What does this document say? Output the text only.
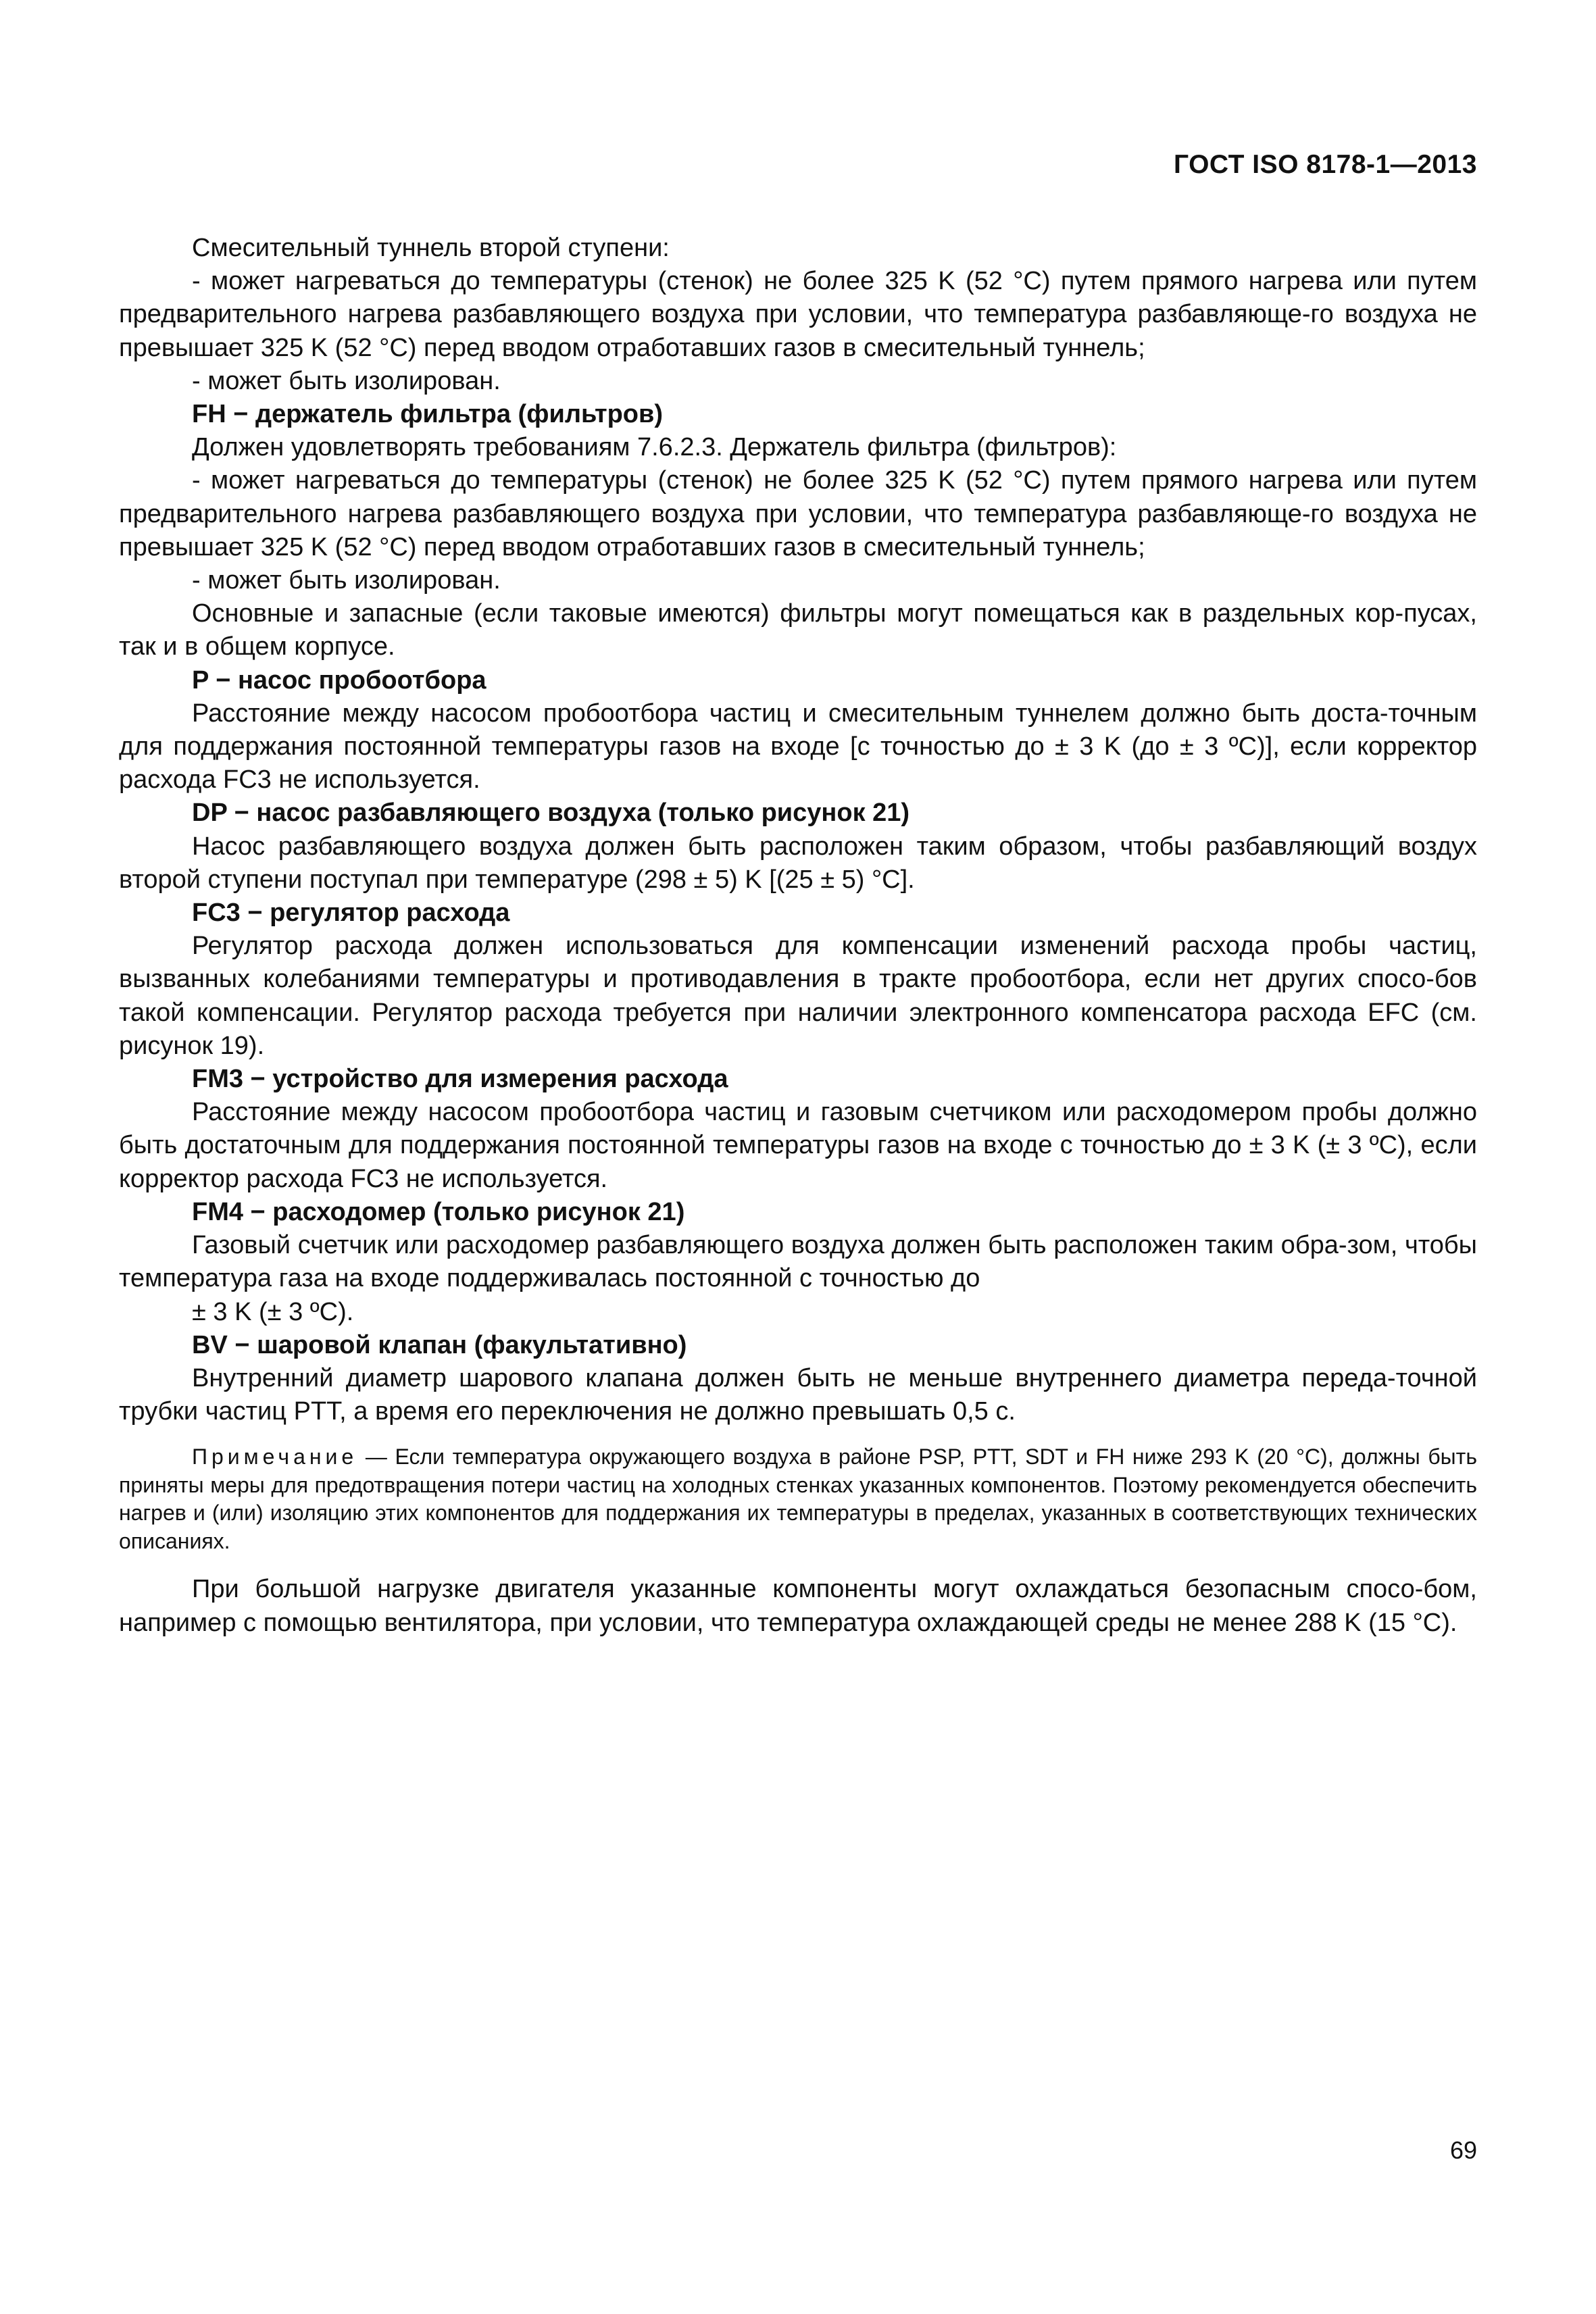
ГОСТ ISO 8178-1—2013

Смесительный туннель второй ступени:

- может нагреваться до температуры (стенок) не более 325 K (52 °С) путем прямого нагрева или путем предварительного нагрева разбавляющего воздуха при условии, что температура разбавляюще-го воздуха не превышает 325 K (52 °С) перед вводом отработавших газов в смесительный туннель;

- может быть изолирован.

FH − держатель фильтра (фильтров)

Должен удовлетворять требованиям 7.6.2.3. Держатель фильтра (фильтров):

- может нагреваться до температуры (стенок) не более 325 K (52 °С) путем прямого нагрева или путем предварительного нагрева разбавляющего воздуха при условии, что температура разбавляюще-го воздуха не превышает 325 K (52 °С) перед вводом отработавших газов в смесительный туннель;

- может быть изолирован.

Основные и запасные (если таковые имеются) фильтры могут помещаться как в раздельных кор-пусах, так и в общем корпусе.

P − насос пробоотбора

Расстояние между насосом пробоотбора частиц и смесительным туннелем должно быть доста-точным для поддержания постоянной температуры газов на входе [с точностью до ± 3 K (до ± 3 ºС)], если корректор расхода FC3 не используется.

DP − насос разбавляющего воздуха (только рисунок 21)

Насос разбавляющего воздуха должен быть расположен таким образом, чтобы разбавляющий воздух второй ступени поступал при температуре (298 ± 5) K [(25 ± 5) °С].

FC3 − регулятор расхода

Регулятор расхода должен использоваться для компенсации изменений расхода пробы частиц, вызванных колебаниями температуры и противодавления в тракте пробоотбора, если нет других спосо-бов такой компенсации. Регулятор расхода требуется при наличии электронного компенсатора расхода EFC (см. рисунок 19).

FM3 − устройство для измерения расхода

Расстояние между насосом пробоотбора частиц и газовым счетчиком или расходомером пробы должно быть достаточным для поддержания постоянной температуры газов на входе с точностью до ± 3 K (± 3 ºС), если корректор расхода FC3 не используется.

FM4 − расходомер (только рисунок 21)

Газовый счетчик или расходомер разбавляющего воздуха должен быть расположен таким обра-зом, чтобы температура газа на входе поддерживалась постоянной с точностью до

± 3 K (± 3 ºС).

BV − шаровой клапан (факультативно)

Внутренний диаметр шарового клапана должен быть не меньше внутреннего диаметра переда-точной трубки частиц PTT, а время его переключения не должно превышать 0,5 с.

Примечание — Если температура окружающего воздуха в районе PSP, PTT, SDT и FH ниже 293 K (20 °С), должны быть приняты меры для предотвращения потери частиц на холодных стенках указанных компонентов. Поэтому рекомендуется обеспечить нагрев и (или) изоляцию этих компонентов для поддержания их температуры в пределах, указанных в соответствующих технических описаниях.

При большой нагрузке двигателя указанные компоненты могут охлаждаться безопасным спосо-бом, например с помощью вентилятора, при условии, что температура охлаждающей среды не менее 288 K (15 °С).

69
